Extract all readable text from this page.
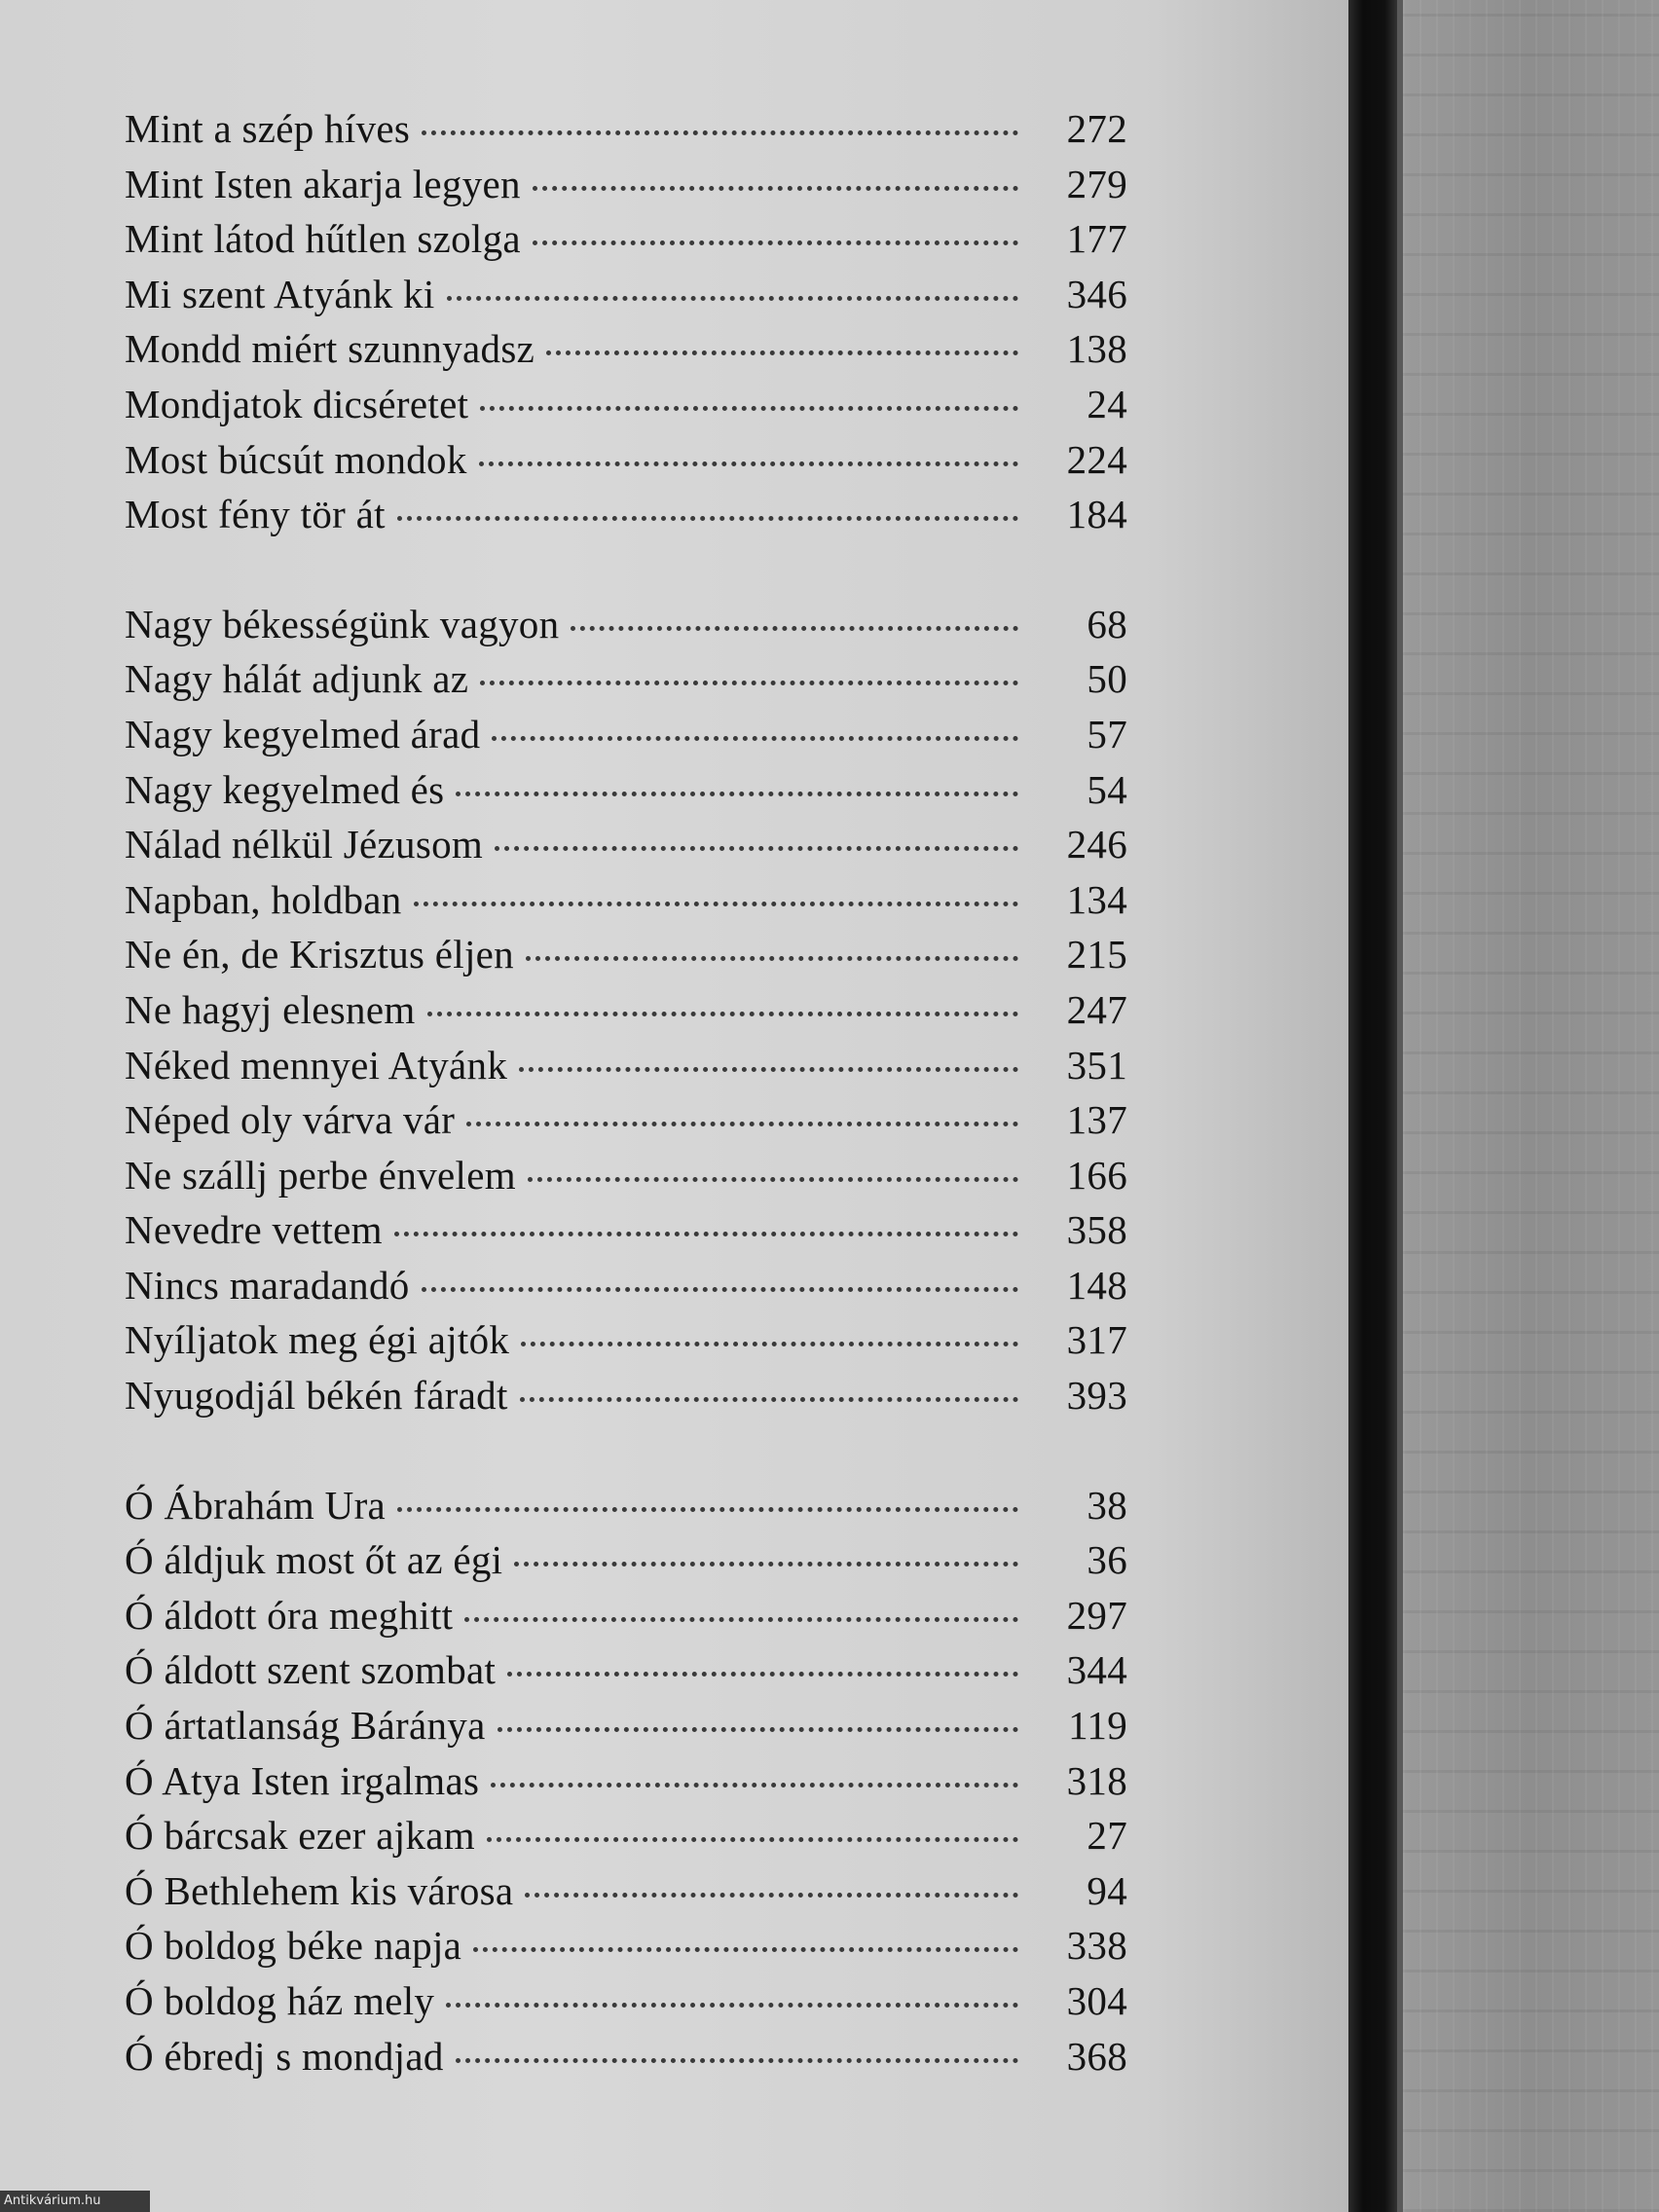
Mint a szép híves	272
Mint Isten akarja legyen	279
Mint látod hűtlen szolga	177
Mi szent Atyánk ki	346
Mondd miért szunnyadsz	138
Mondjatok dicséretet	24
Most búcsút mondok	224
Most fény tör át	184
Nagy békességünk vagyon	68
Nagy hálát adjunk az	50
Nagy kegyelmed árad	57
Nagy kegyelmed és	54
Nálad nélkül Jézusom	246
Napban, holdban	134
Ne én, de Krisztus éljen	215
Ne hagyj elesnem	247
Néked mennyei Atyánk	351
Néped oly várva vár	137
Ne szállj perbe énvelem	166
Nevedre vettem	358
Nincs maradandó	148
Nyíljatok meg égi ajtók	317
Nyugodjál békén fáradt	393
Ó Ábrahám Ura	38
Ó áldjuk most őt az égi	36
Ó áldott óra meghitt	297
Ó áldott szent szombat	344
Ó ártatlanság Báránya	119
Ó Atya Isten irgalmas	318
Ó bárcsak ezer ajkam	27
Ó Bethlehem kis városa	94
Ó boldog béke napja	338
Ó boldog ház mely	304
Ó ébredj s mondjad	368
Antikvárium.hu
